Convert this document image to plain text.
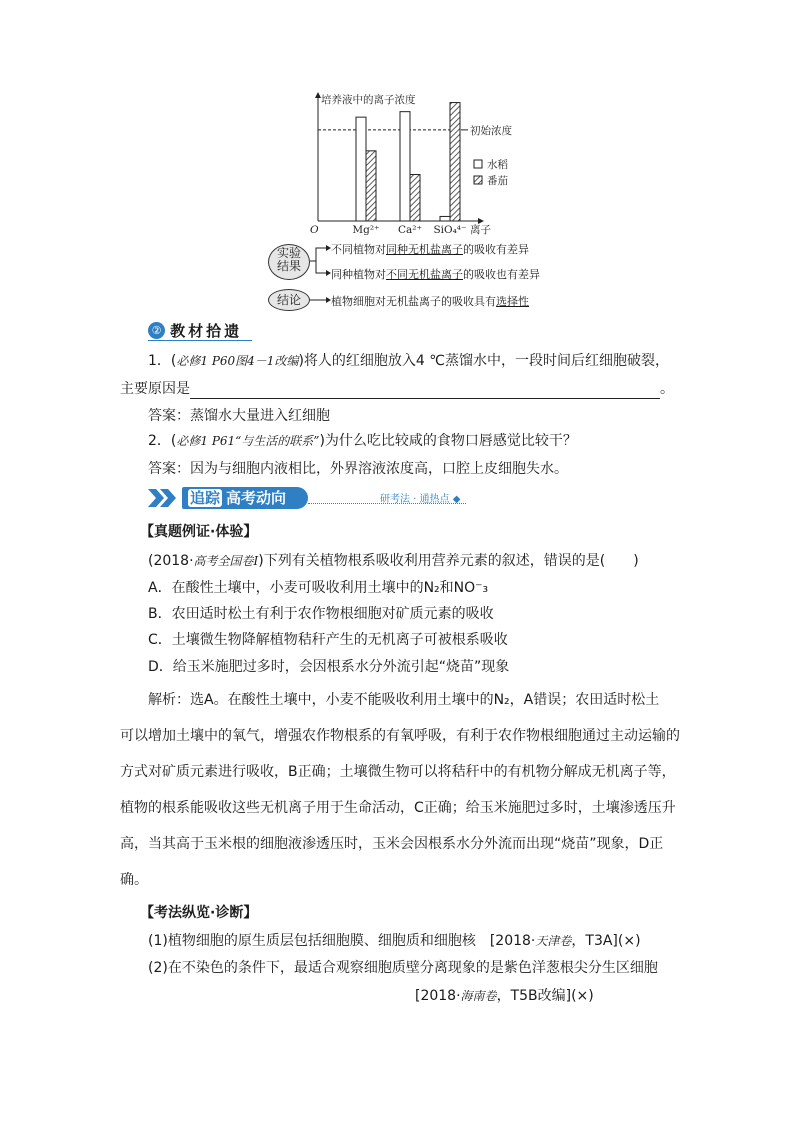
培养液中的离子浓度
离子
O
初始浓度
Mg²⁺ Ca²⁺ SiO₄⁴⁻
水稻
番茄
实验
结果
不同植物对同种无机盐离子的吸收有差异
同种植物对不同无机盐离子的吸收也有差异
结论	植物细胞对无机盐离子的吸收具有选择性
② 教材拾遗
1．(必修1 P60图4－1改编)将人的红细胞放入4 ℃蒸馏水中，一段时间后红细胞破裂，
主要原因是	。
答案：蒸馏水大量进入红细胞
2．(必修1 P61“与生活的联系”)为什么吃比较咸的食物口唇感觉比较干？
答案：因为与细胞内液相比，外界溶液浓度高，口腔上皮细胞失水。
追踪 高考动向	研考法 · 通热点 ◆
【真题例证·体验】
(2018·高考全国卷Ⅰ)下列有关植物根系吸收利用营养元素的叙述，错误的是(　　)
A．在酸性土壤中，小麦可吸收利用土壤中的N₂和NO⁻₃
B．农田适时松土有利于农作物根细胞对矿质元素的吸收
C．土壤微生物降解植物秸秆产生的无机离子可被根系吸收
D．给玉米施肥过多时，会因根系水分外流引起“烧苗”现象
解析：选A。在酸性土壤中，小麦不能吸收利用土壤中的N₂，A错误；农田适时松土
可以增加土壤中的氧气，增强农作物根系的有氧呼吸，有利于农作物根细胞通过主动运输的
方式对矿质元素进行吸收，B正确；土壤微生物可以将秸秆中的有机物分解成无机离子等，
植物的根系能吸收这些无机离子用于生命活动，C正确；给玉米施肥过多时，土壤渗透压升
高，当其高于玉米根的细胞液渗透压时，玉米会因根系水分外流而出现“烧苗”现象，D正
确。
【考法纵览·诊断】
(1)植物细胞的原生质层包括细胞膜、细胞质和细胞核　[2018·天津卷，T3A](×)
(2)在不染色的条件下，最适合观察细胞质壁分离现象的是紫色洋葱根尖分生区细胞
[2018·海南卷，T5B改编](×)
